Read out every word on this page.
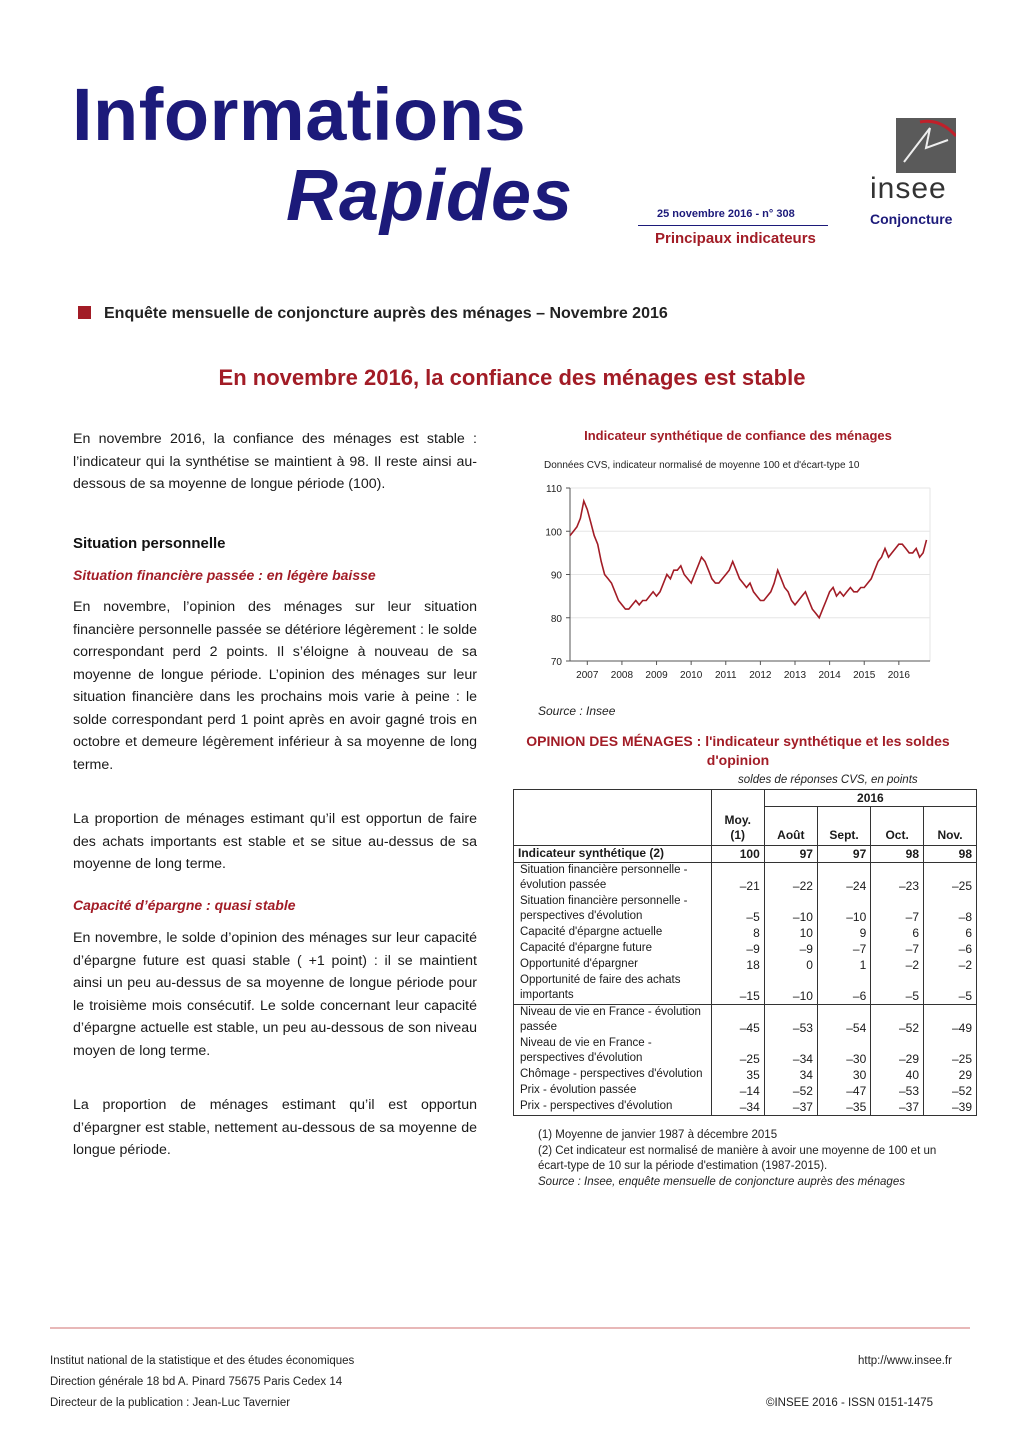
Informations
Rapides	25 novembre 2016 - n° 308
Principaux indicateurs
insee
Conjoncture
Enquête mensuelle de conjoncture auprès des ménages – Novembre 2016
En novembre 2016, la confiance des ménages est stable

En novembre 2016, la confiance des ménages est stable : l’indicateur qui la synthétise se maintient à 98. Il reste ainsi au-dessous de sa moyenne de longue période (100).

Situation personnelle
Situation financière passée : en légère baisse

En novembre, l’opinion des ménages sur leur situation financière personnelle passée se détériore légèrement : le solde correspondant perd 2 points. Il s’éloigne à nouveau de sa moyenne de longue période. L’opinion des ménages sur leur situation financière dans les prochains mois varie à peine : le solde correspondant perd 1 point après en avoir gagné trois en octobre et demeure légèrement inférieur à sa moyenne de long terme.

La proportion de ménages estimant qu’il est opportun de faire des achats importants est stable et se situe au-dessus de sa moyenne de long terme.

Capacité d’épargne : quasi stable

En novembre, le solde d’opinion des ménages sur leur capacité d’épargne future est quasi stable ( +1 point) : il se maintient ainsi un peu au-dessus de sa moyenne de longue période pour le troisième mois consécutif. Le solde concernant leur capacité d’épargne actuelle est stable, un peu au-dessous de son niveau moyen de long terme.

La proportion de ménages estimant qu’il est opportun d’épargner est stable, nettement au-dessous de sa moyenne de longue période.

Indicateur synthétique de confiance des ménages
Données CVS, indicateur normalisé de moyenne 100 et d'écart-type 10
70
80
90
100
110
2007 2008 2009 2010 2011 2012 2013 2014 2015 2016
Source : Insee
OPINION DES MÉNAGES : l'indicateur synthétique et les soldes d'opinion
soldes de réponses CVS, en points
		2016			
	Moy. (1)	Août	Sept.	Oct.	Nov.
Indicateur synthétique (2)	100	97	97	98	98
Situation financière personnelle - évolution passée	–21	–22	–24	–23	–25
Situation financière personnelle - perspectives d'évolution	–5	–10	–10	–7	–8
Capacité d'épargne actuelle	8	10	9	6	6
Capacité d'épargne future	–9	–9	–7	–7	–6
Opportunité d'épargner	18	0	1	–2	–2
Opportunité de faire des achats importants	–15	–10	–6	–5	–5
Niveau de vie en France - évolution passée	–45	–53	–54	–52	–49
Niveau de vie en France - perspectives d'évolution	–25	–34	–30	–29	–25
Chômage - perspectives d'évolution	35	34	30	40	29
Prix - évolution passée	–14	–52	–47	–53	–52
Prix - perspectives d'évolution	–34	–37	–35	–37	–39
(1) Moyenne de janvier 1987 à décembre 2015
(2) Cet indicateur est normalisé de manière à avoir une moyenne de 100 et un écart-type de 10 sur la période d'estimation (1987-2015).
Source : Insee, enquête mensuelle de conjoncture auprès des ménages
Institut national de la statistique et des études économiques
Direction générale 18 bd A. Pinard 75675 Paris Cedex 14
Directeur de la publication : Jean-Luc Tavernier
http://www.insee.fr
©INSEE 2016 - ISSN 0151-1475
